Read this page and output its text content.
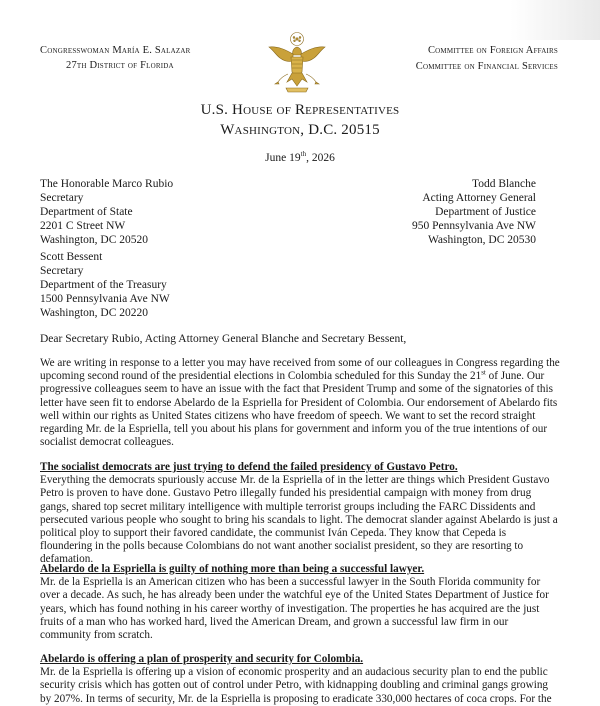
Congresswoman María E. Salazar
27th District of Florida
Committee on Foreign Affairs
Committee on Financial Services
U.S. House of Representatives
Washington, D.C. 20515
June 19th, 2026
The Honorable Marco Rubio
Secretary
Department of State
2201 C Street NW
Washington, DC 20520
Todd Blanche
Acting Attorney General
Department of Justice
950 Pennsylvania Ave NW
Washington, DC 20530
Scott Bessent
Secretary
Department of the Treasury
1500 Pennsylvania Ave NW
Washington, DC 20220
Dear Secretary Rubio, Acting Attorney General Blanche and Secretary Bessent,
We are writing in response to a letter you may have received from some of our colleagues in Congress regarding the upcoming second round of the presidential elections in Colombia scheduled for this Sunday the 21st of June. Our progressive colleagues seem to have an issue with the fact that President Trump and some of the signatories of this letter have seen fit to endorse Abelardo de la Espriella for President of Colombia. Our endorsement of Abelardo fits well within our rights as United States citizens who have freedom of speech. We want to set the record straight regarding Mr. de la Espriella, tell you about his plans for government and inform you of the true intentions of our socialist democrat colleagues.
The socialist democrats are just trying to defend the failed presidency of Gustavo Petro.
Everything the democrats spuriously accuse Mr. de la Espriella of in the letter are things which President Gustavo Petro is proven to have done. Gustavo Petro illegally funded his presidential campaign with money from drug gangs, shared top secret military intelligence with multiple terrorist groups including the FARC Dissidents and persecuted various people who sought to bring his scandals to light. The democrat slander against Abelardo is just a political ploy to support their favored candidate, the communist Iván Cepeda. They know that Cepeda is floundering in the polls because Colombians do not want another socialist president, so they are resorting to defamation.
Abelardo de la Espriella is guilty of nothing more than being a successful lawyer.
Mr. de la Espriella is an American citizen who has been a successful lawyer in the South Florida community for over a decade. As such, he has already been under the watchful eye of the United States Department of Justice for years, which has found nothing in his career worthy of investigation. The properties he has acquired are the just fruits of a man who has worked hard, lived the American Dream, and grown a successful law firm in our community from scratch.
Abelardo is offering a plan of prosperity and security for Colombia.
Mr. de la Espriella is offering up a vision of economic prosperity and an audacious security plan to end the public security crisis which has gotten out of control under Petro, with kidnapping doubling and criminal gangs growing by 207%. In terms of security, Mr. de la Espriella is proposing to eradicate 330,000 hectares of coca crops. For the
